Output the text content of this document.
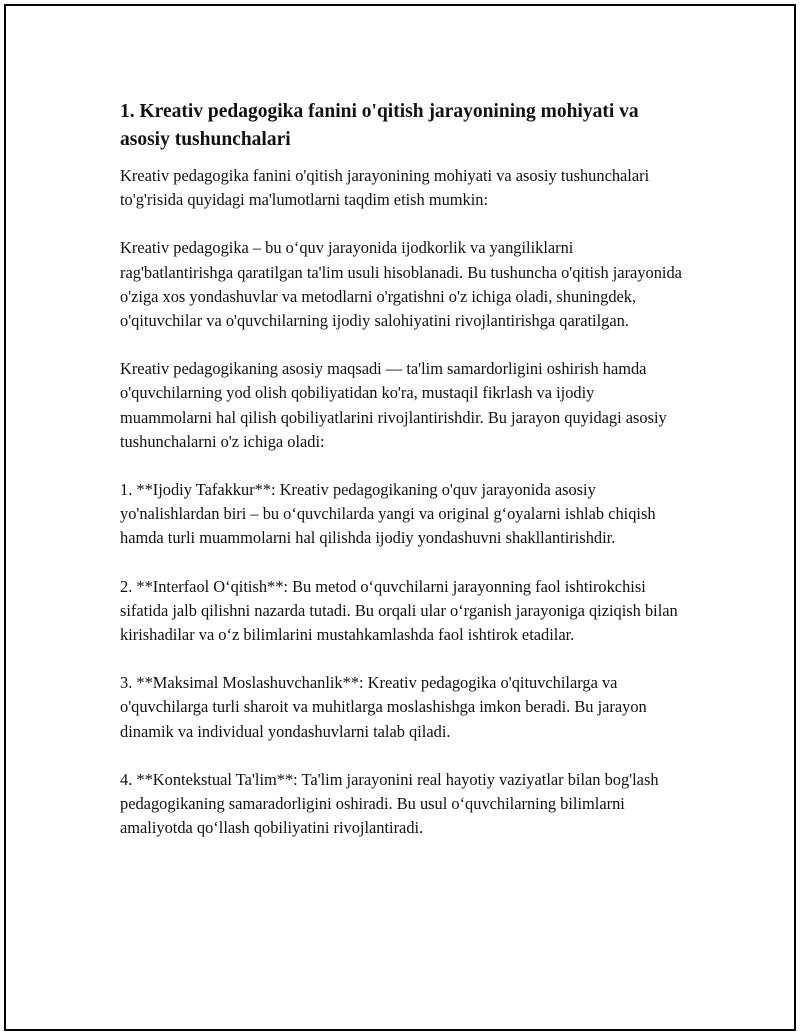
1. Kreativ pedagogika fanini o'qitish jarayonining mohiyati va asosiy tushunchalari

Kreativ pedagogika fanini o'qitish jarayonining mohiyati va asosiy tushunchalari to'g'risida quyidagi ma'lumotlarni taqdim etish mumkin:

Kreativ pedagogika – bu o‘quv jarayonida ijodkorlik va yangiliklarni rag'batlantirishga qaratilgan ta'lim usuli hisoblanadi. Bu tushuncha o'qitish jarayonida o'ziga xos yondashuvlar va metodlarni o'rgatishni o'z ichiga oladi, shuningdek, o'qituvchilar va o'quvchilarning ijodiy salohiyatini rivojlantirishga qaratilgan.

Kreativ pedagogikaning asosiy maqsadi — ta'lim samardorligini oshirish hamda o'quvchilarning yod olish qobiliyatidan ko'ra, mustaqil fikrlash va ijodiy muammolarni hal qilish qobiliyatlarini rivojlantirishdir. Bu jarayon quyidagi asosiy tushunchalarni o'z ichiga oladi:

1. **Ijodiy Tafakkur**: Kreativ pedagogikaning o'quv jarayonida asosiy yo'nalishlardan biri – bu o‘quvchilarda yangi va original g‘oyalarni ishlab chiqish hamda turli muammolarni hal qilishda ijodiy yondashuvni shakllantirishdir.

2. **Interfaol O‘qitish**: Bu metod o‘quvchilarni jarayonning faol ishtirokchisi sifatida jalb qilishni nazarda tutadi. Bu orqali ular o‘rganish jarayoniga qiziqish bilan kirishadilar va o‘z bilimlarini mustahkamlashda faol ishtirok etadilar.

3. **Maksimal Moslashuvchanlik**: Kreativ pedagogika o'qituvchilarga va o'quvchilarga turli sharoit va muhitlarga moslashishga imkon beradi. Bu jarayon dinamik va individual yondashuvlarni talab qiladi.

4. **Kontekstual Ta'lim**: Ta'lim jarayonini real hayotiy vaziyatlar bilan bog'lash pedagogikaning samaradorligini oshiradi. Bu usul o‘quvchilarning bilimlarni amaliyotda qo‘llash qobiliyatini rivojlantiradi.
